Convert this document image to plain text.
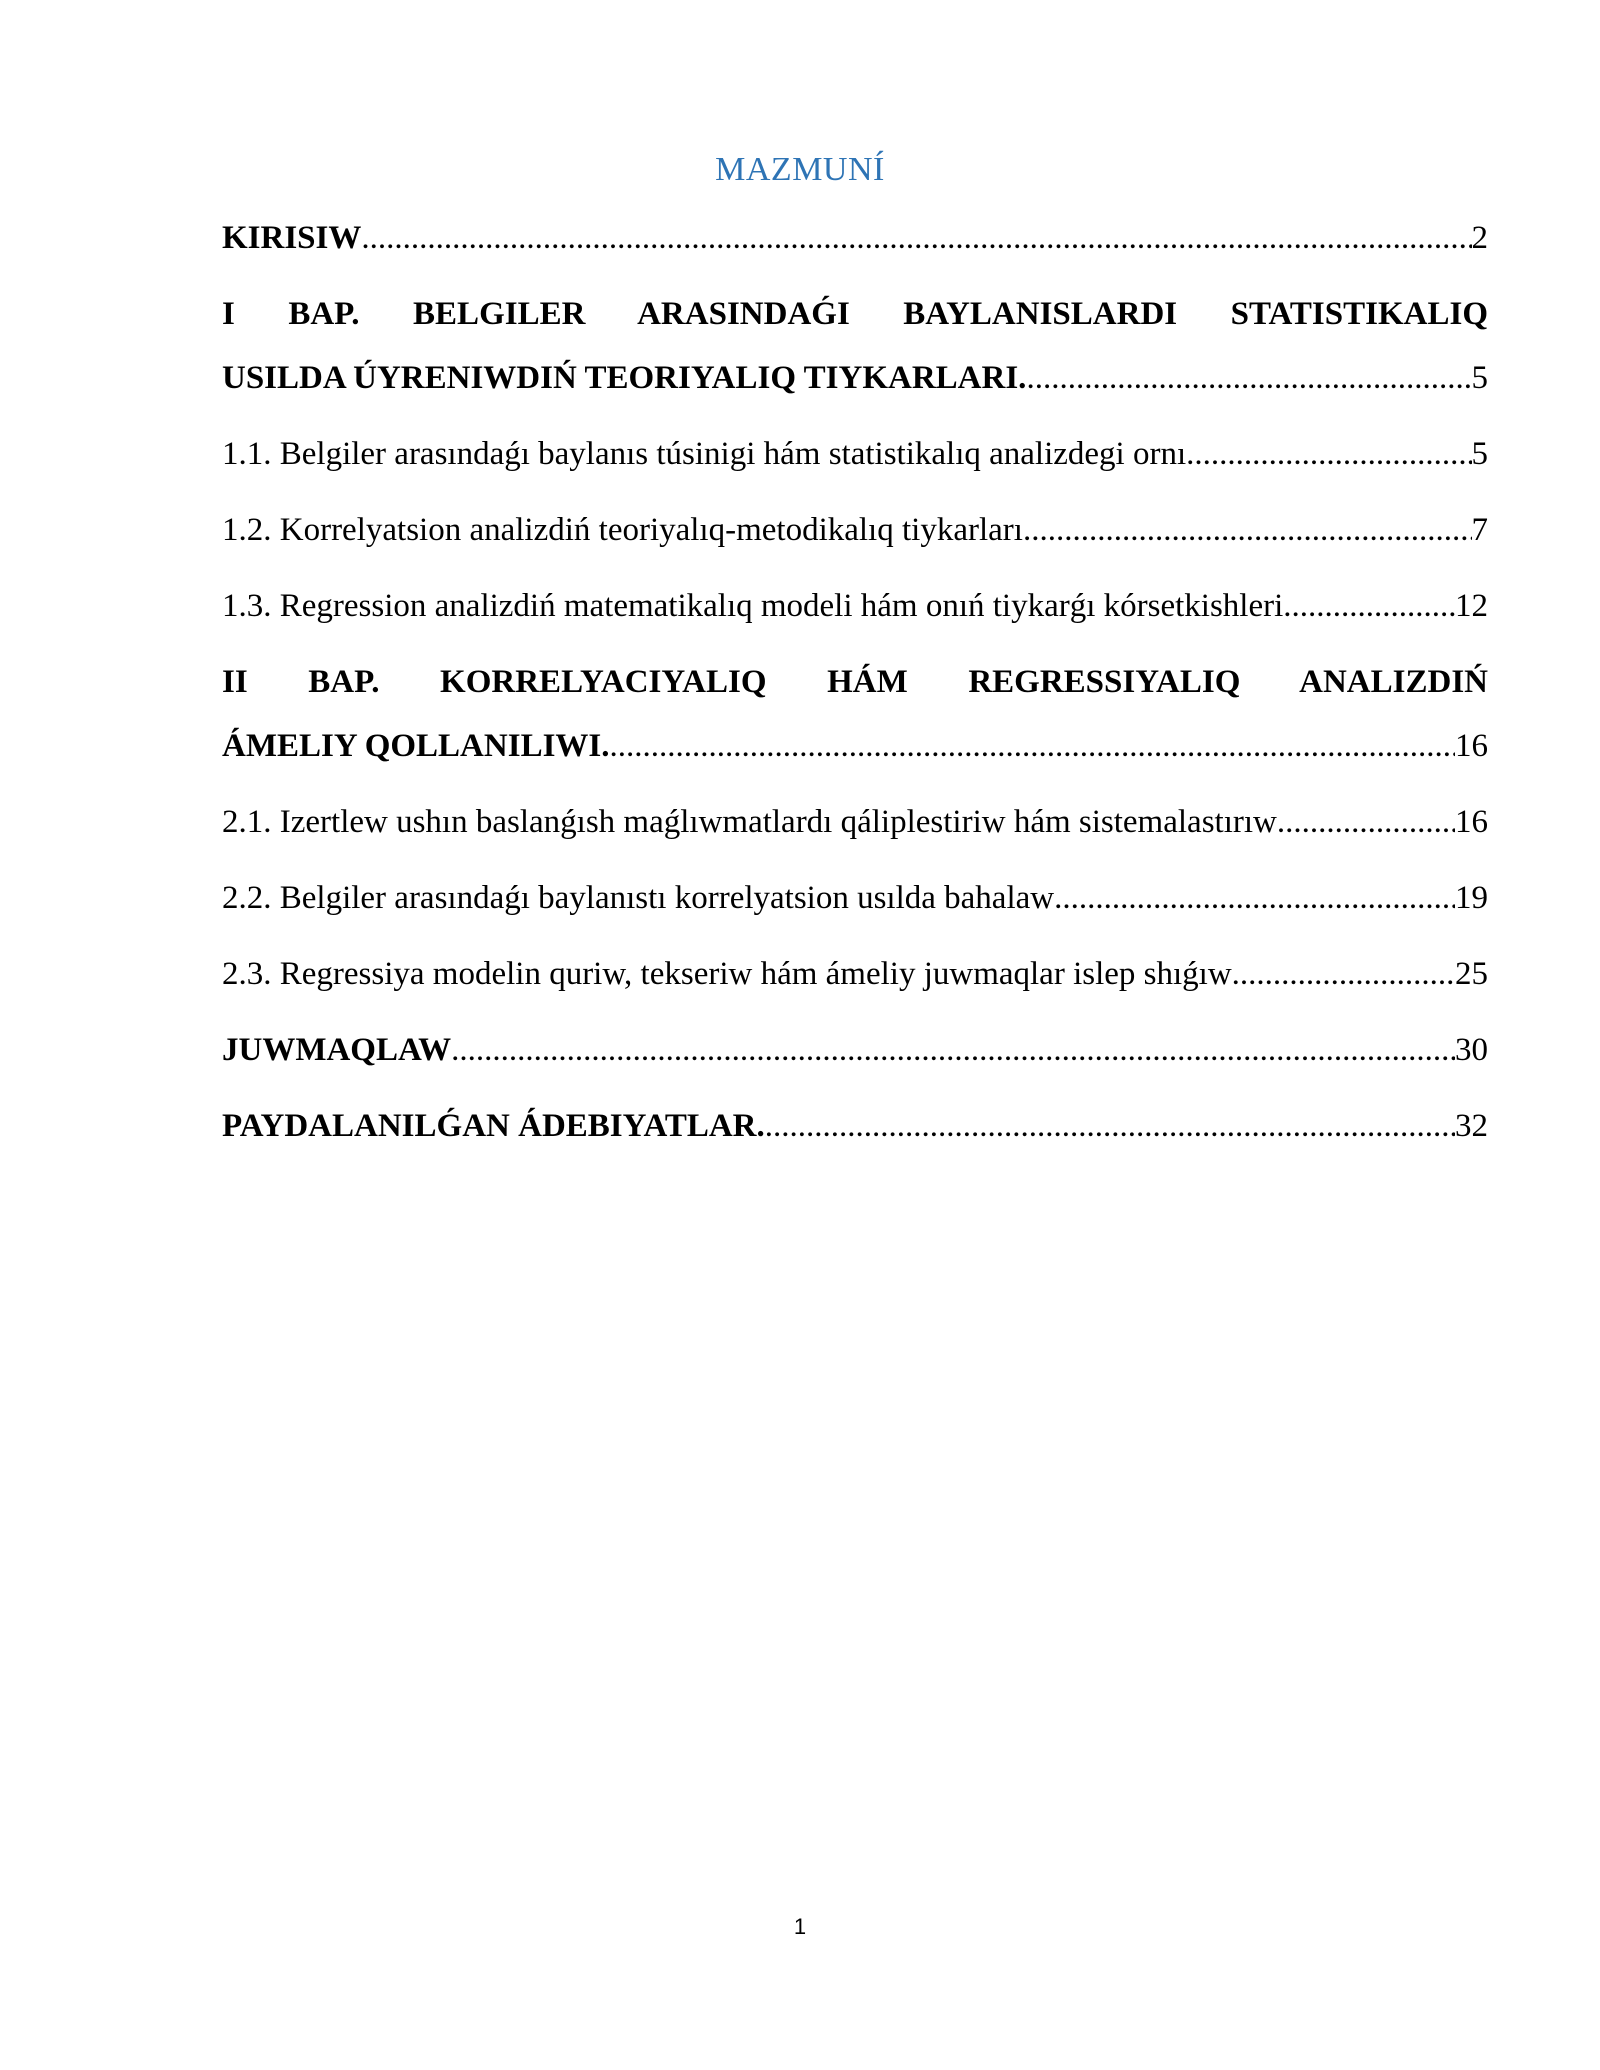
MAZMUNÍ
KIRISIW .....	2
I BAP. BELGILER ARASINDAǴI BAYLANISLARDI STATISTIKALIQ
USILDA ÚYRENIWDIŃ TEORIYALIQ TIYKARLARI. .....	5
1.1. Belgiler arasındaǵı baylanıs túsinigi hám statistikalıq analizdegi ornı .....	5
1.2. Korrelyatsion analizdiń teoriyalıq-metodikalıq tiykarları .....	7
1.3. Regression analizdiń matematikalıq modeli hám onıń tiykarǵı kórsetkishleri. .....	12
II BAP. KORRELYACIYALIQ HÁM REGRESSIYALIQ ANALIZDIŃ
ÁMELIY QOLLANILIWI. .....	16
2.1. Izertlew ushın baslanǵısh maǵlıwmatlardı qáliplestiriw hám sistemalastırıw .....	16
2.2. Belgiler arasındaǵı baylanıstı korrelyatsion usılda bahalaw .....	19
2.3. Regressiya modelin quriw, tekseriw hám ámeliy juwmaqlar islep shıǵıw .....	25
JUWMAQLAW .....	30
PAYDALANILǴAN ÁDEBIYATLAR. .....	32
1
